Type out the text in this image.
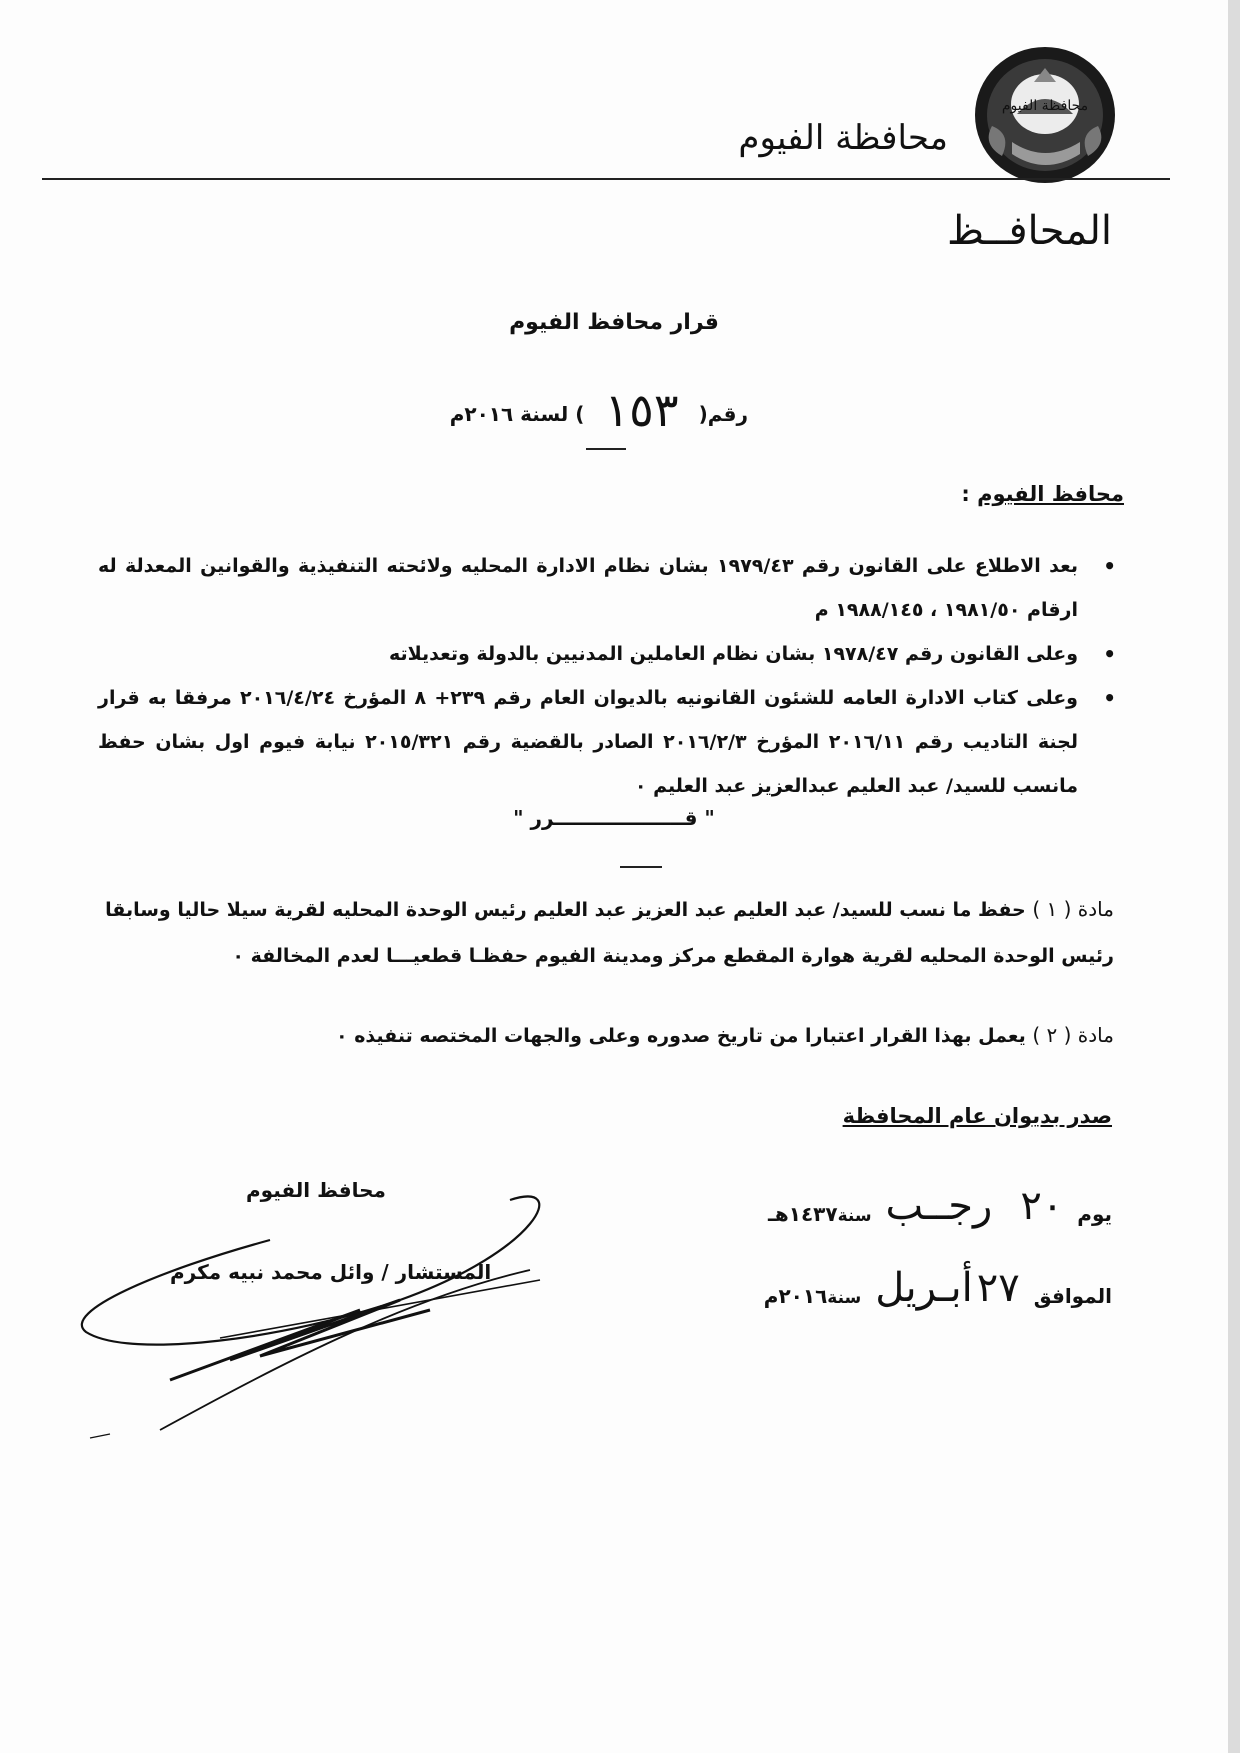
محافظة الفيوم
محافظة الفيوم
المحافــظ
قرار محافظ الفيوم
رقم(
١٥٣
) لسنة ٢٠١٦م
محافظ الفيوم :
• بعد الاطلاع على القانون رقم ١٩٧٩/٤٣ بشان نظام الادارة المحليه ولائحته التنفيذية والقوانين المعدلة له ارقام ١٩٨١/٥٠ ، ١٩٨٨/١٤٥ م
• وعلى القانون رقم ١٩٧٨/٤٧ بشان نظام العاملين المدنيين بالدولة وتعديلاته
• وعلى كتاب الادارة العامه للشئون القانونيه بالديوان العام رقم ٢٣٩+ ٨ المؤرخ ٢٠١٦/٤/٢٤ مرفقا به قرار لجنة التاديب رقم ٢٠١٦/١١ المؤرخ ٢٠١٦/٢/٣ الصادر بالقضية رقم ٢٠١٥/٣٢١ نيابة فيوم اول بشان حفظ مانسب للسيد/ عبد العليم عبدالعزيز عبد العليم ٠
" قـــــــــــــــــــرر "
مادة ( ١ ) حفظ ما نسب للسيد/ عبد العليم عبد العزيز عبد العليم رئيس الوحدة المحليه لقرية سيلا حاليا وسابقا رئيس الوحدة المحليه لقرية هوارة المقطع مركز ومدينة الفيوم حفظـا قطعيـــا لعدم المخالفة ٠
مادة ( ٢ ) يعمل بهذا القرار اعتبارا من تاريخ صدوره وعلى والجهات المختصه تنفيذه ٠
صدر بديوان عام المحافظة
يوم
٢٠
رجــب
سنة
١٤٣٧هـ
الموافق
٢٧
أبـريل
سنة
٢٠١٦م
محافظ الفيوم
المستشار / وائل محمد نبيه مكرم
